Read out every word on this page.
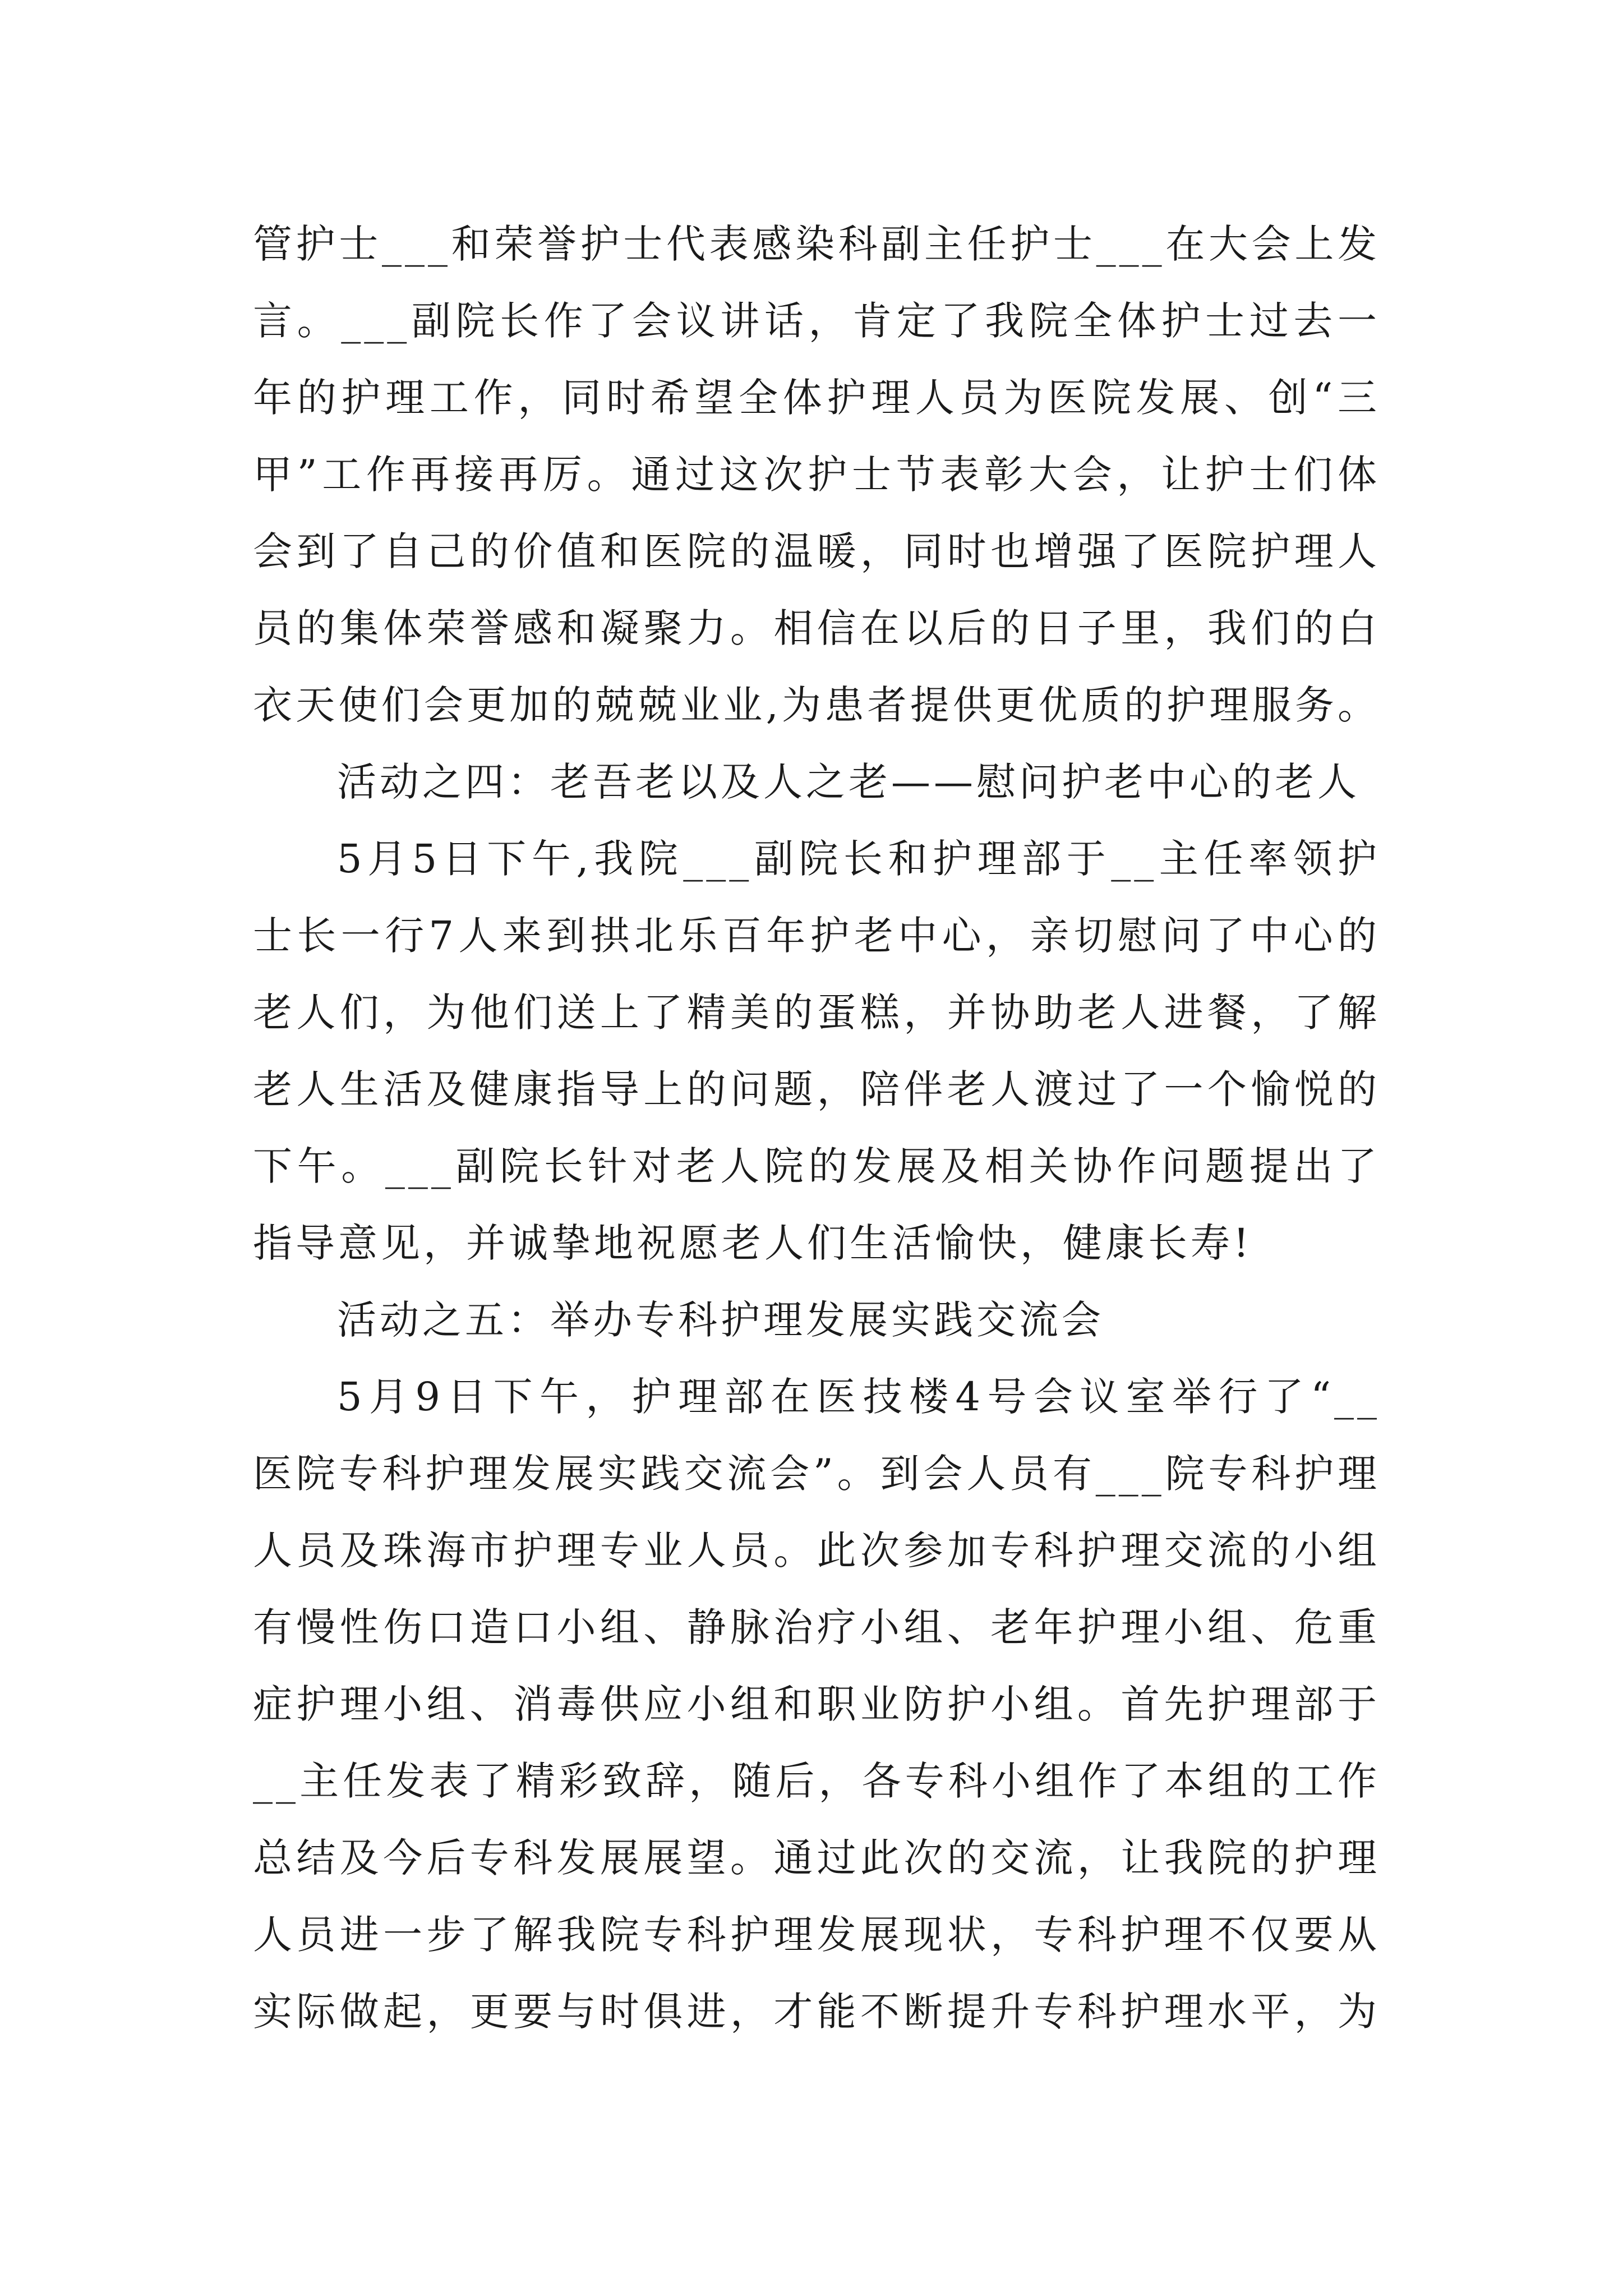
管护士___和荣誉护士代表感染科副主任护士___在大会上发
言。___副院长作了会议讲话，肯定了我院全体护士过去一
年的护理工作，同时希望全体护理人员为医院发展、创“三
甲”工作再接再厉。通过这次护士节表彰大会，让护士们体
会到了自己的价值和医院的温暖，同时也增强了医院护理人
员的集体荣誉感和凝聚力。相信在以后的日子里，我们的白
衣天使们会更加的兢兢业业,为患者提供更优质的护理服务。
活动之四：老吾老以及人之老——慰问护老中心的老人
5月5日下午,我院___副院长和护理部于__主任率领护
士长一行7人来到拱北乐百年护老中心，亲切慰问了中心的
老人们，为他们送上了精美的蛋糕，并协助老人进餐，了解
老人生活及健康指导上的问题，陪伴老人渡过了一个愉悦的
下午。___副院长针对老人院的发展及相关协作问题提出了
指导意见，并诚挚地祝愿老人们生活愉快，健康长寿!
活动之五：举办专科护理发展实践交流会
5月9日下午，护理部在医技楼4号会议室举行了“__
医院专科护理发展实践交流会”。到会人员有___院专科护理
人员及珠海市护理专业人员。此次参加专科护理交流的小组
有慢性伤口造口小组、静脉治疗小组、老年护理小组、危重
症护理小组、消毒供应小组和职业防护小组。首先护理部于
__主任发表了精彩致辞，随后，各专科小组作了本组的工作
总结及今后专科发展展望。通过此次的交流，让我院的护理
人员进一步了解我院专科护理发展现状，专科护理不仅要从
实际做起，更要与时俱进，才能不断提升专科护理水平，为
